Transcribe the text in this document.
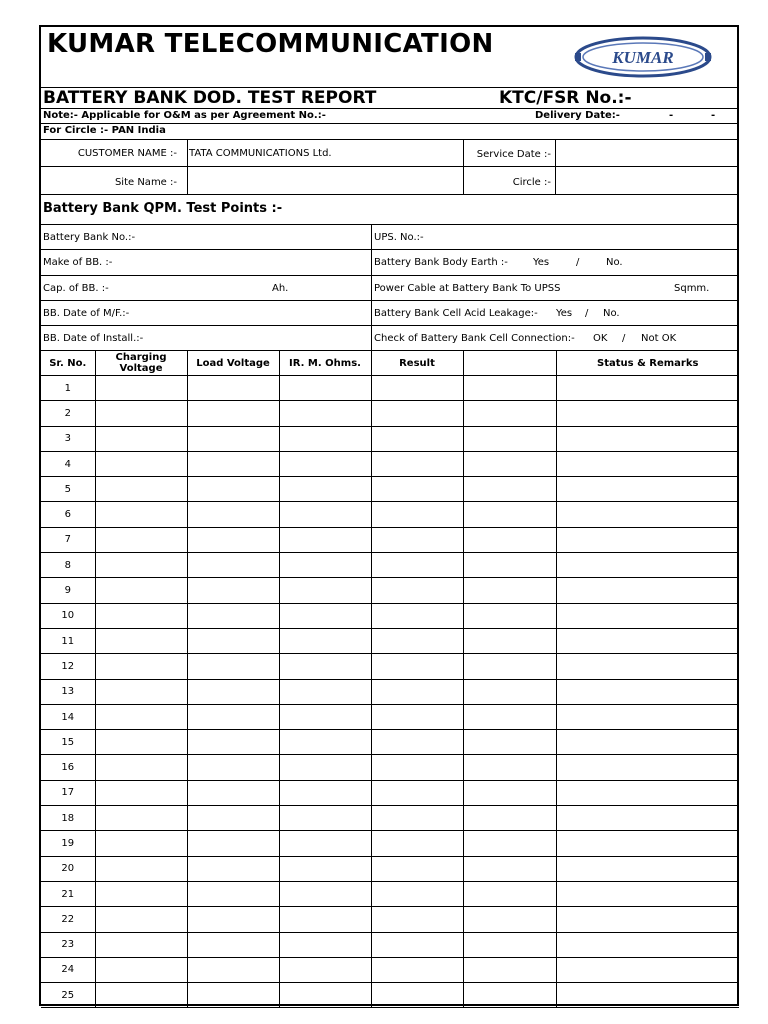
KUMAR TELECOMMUNICATION	KUMAR
BATTERY BANK DOD. TEST REPORT	KTC/FSR No.:-
Note:- Applicable for O&M as per Agreement No.:-	Delivery Date:-	-	-
For Circle :- PAN India
CUSTOMER NAME :- TATA COMMUNICATIONS Ltd.	Service Date :-
Site Name :-	Circle :-
Battery Bank QPM. Test Points :-
Battery Bank No.:-	UPS. No.:-
Make of BB. :-	Battery Bank Body Earth :-	Yes	/	No.
Cap. of BB. :-	Ah.	Power Cable at Battery Bank To UPSS	Sqmm.
BB. Date of M/F.:-	Battery Bank Cell Acid Leakage:- Yes / No.
BB. Date of Install.:-	Check of Battery Bank Cell Connection:- OK / Not OK
Sr. No.	Charging Voltage	Load Voltage	IR. M. Ohms.	Result		Status & Remarks
1						
2						
3						
4						
5						
6						
7						
8						
9						
10						
11						
12						
13						
14						
15						
16						
17						
18						
19						
20						
21						
22						
23						
24						
25						
